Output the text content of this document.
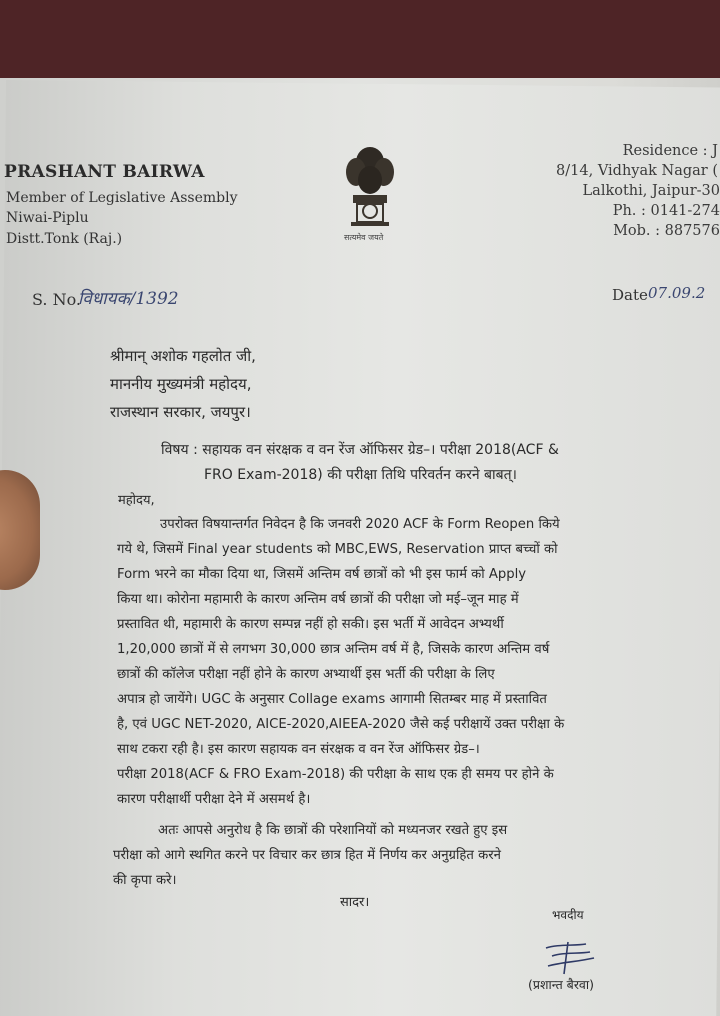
PRASHANT BAIRWA
Member of Legislative Assembly
Niwai-Piplu
Distt.Tonk (Raj.)	सत्यमेव जयते
Residence : J
8/14, Vidhyak Nagar (
Lalkothi, Jaipur-30
Ph. : 0141-274
Mob. : 887576
S. No.
विधायक/1392	Date 07.09.2
श्रीमान् अशोक गहलोत जी,
माननीय मुख्यमंत्री महोदय,
राजस्थान सरकार, जयपुर।
विषय : सहायक वन संरक्षक व वन रेंज ऑफिसर ग्रेड–। परीक्षा 2018(ACF &
FRO Exam-2018) की परीक्षा तिथि परिवर्तन करने बाबत्।
महोदय,
उपरोक्त विषयान्तर्गत निवेदन है कि जनवरी 2020 ACF के Form Reopen किये
गये थे, जिसमें Final year students को MBC,EWS, Reservation प्राप्त बच्चों को
Form भरने का मौका दिया था, जिसमें अन्तिम वर्ष छात्रों को भी इस फार्म को Apply
किया था। कोरोना महामारी के कारण अन्तिम वर्ष छात्रों की परीक्षा जो मई–जून माह में
प्रस्तावित थी, महामारी के कारण सम्पन्न नहीं हो सकी। इस भर्ती में आवेदन अभ्यर्थी
1,20,000 छात्रों में से लगभग 30,000 छात्र अन्तिम वर्ष में है, जिसके कारण अन्तिम वर्ष
छात्रों की कॉलेज परीक्षा नहीं होने के कारण अभ्यार्थी इस भर्ती की परीक्षा के लिए
अपात्र हो जायेंगे। UGC के अनुसार Collage exams आगामी सितम्बर माह में प्रस्तावित
है, एवं UGC NET-2020, AICE-2020,AIEEA-2020 जैसे कई परीक्षायें उक्त परीक्षा के
साथ टकरा रही है। इस कारण सहायक वन संरक्षक व वन रेंज ऑफिसर ग्रेड–।
परीक्षा 2018(ACF & FRO Exam-2018) की परीक्षा के साथ एक ही समय पर होने के
कारण परीक्षार्थी परीक्षा देने में असमर्थ है।
अतः आपसे अनुरोध है कि छात्रों की परेशानियों को मध्यनजर रखते हुए इस
परीक्षा को आगे स्थगित करने पर विचार कर छात्र हित में निर्णय कर अनुग्रहित करने
की कृपा करे।
सादर।
भवदीय
(प्रशान्त बैरवा)
